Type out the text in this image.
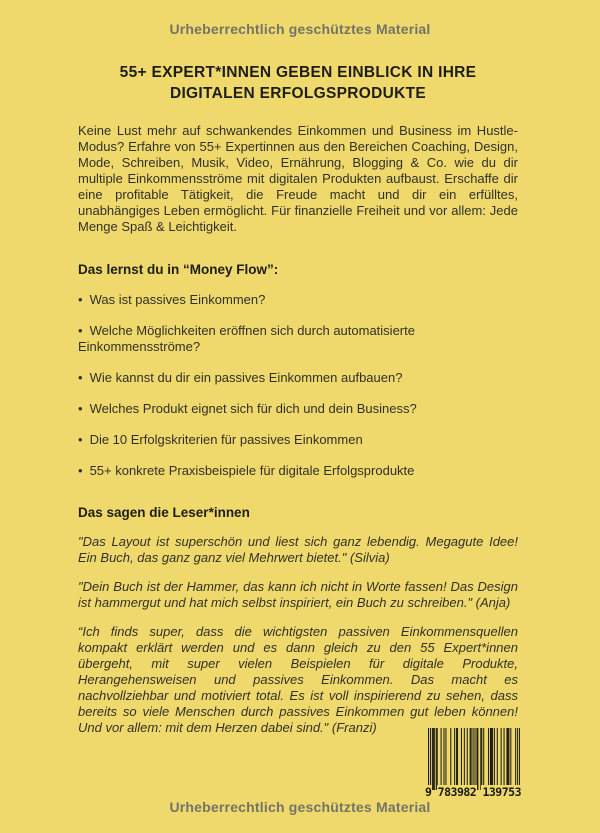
Urheberrechtlich geschütztes Material
55+ EXPERT*INNEN GEBEN EINBLICK IN IHRE
DIGITALEN ERFOLGSPRODUKTE

Keine Lust mehr auf schwankendes Einkommen und Business im Hustle-Modus? Erfahre von 55+ Expertinnen aus den Bereichen Coaching, Design, Mode, Schreiben, Musik, Video, Ernährung, Blogging & Co. wie du dir multiple Einkommensströme mit digitalen Produkten aufbaust. Erschaffe dir eine profitable Tätigkeit, die Freude macht und dir ein erfülltes, unabhängiges Leben ermöglicht. Für finanzielle Freiheit und vor allem: Jede Menge Spaß & Leichtigkeit.

Das lernst du in “Money Flow”:
• Was ist passives Einkommen?
• Welche Möglichkeiten eröffnen sich durch automatisierte Einkommensströme?
• Wie kannst du dir ein passives Einkommen aufbauen?
• Welches Produkt eignet sich für dich und dein Business?
• Die 10 Erfolgskriterien für passives Einkommen
• 55+ konkrete Praxisbeispiele für digitale Erfolgsprodukte
Das sagen die Leser*innen

"Das Layout ist superschön und liest sich ganz lebendig. Megagute Idee! Ein Buch, das ganz ganz viel Mehrwert bietet." (Silvia)

"Dein Buch ist der Hammer, das kann ich nicht in Worte fassen! Das Design ist hammergut und hat mich selbst inspiriert, ein Buch zu schreiben." (Anja)

“Ich finds super, dass die wichtigsten passiven Einkommensquellen kompakt erklärt werden und es dann gleich zu den 55 Expert*innen übergeht, mit super vielen Beispielen für digitale Produkte, Herangehensweisen und passives Einkommen. Das macht es nachvollziehbar und motiviert total. Es ist voll inspirierend zu sehen, dass bereits so viele Menschen durch passives Einkommen gut leben können! Und vor allem: mit dem Herzen dabei sind." (Franzi)

9 783982 139753
Urheberrechtlich geschütztes Material
